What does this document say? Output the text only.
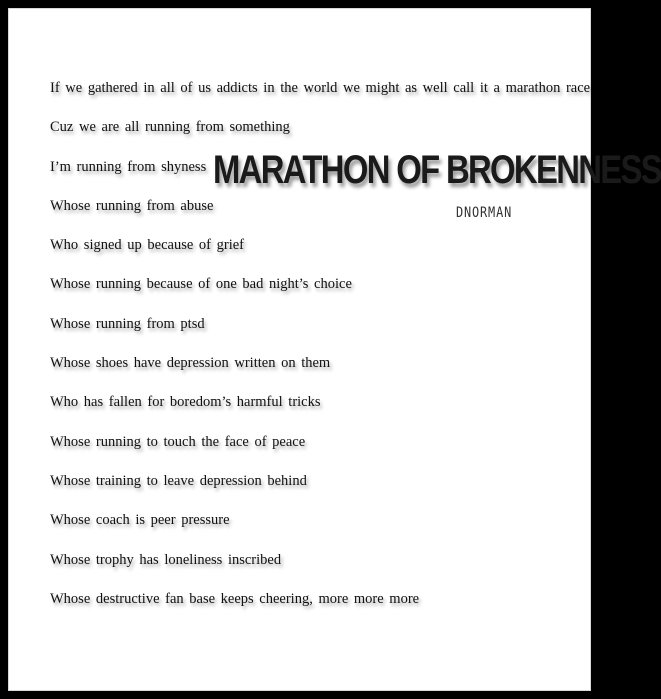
If we gathered in all of us addicts in the world we might as well call it a marathon race
Cuz we are all running from something
I’m running from shyness
Whose running from abuse
Who signed up because of grief
Whose running because of one bad night’s choice
Whose running from ptsd
Whose shoes have depression written on them
Who has fallen for boredom’s harmful tricks
Whose running to touch the face of peace
Whose training to leave depression behind
Whose coach is peer pressure
Whose trophy has loneliness inscribed
Whose destructive fan base keeps cheering, more more more
MARATHON OF BROKENNESS
DNORMAN
